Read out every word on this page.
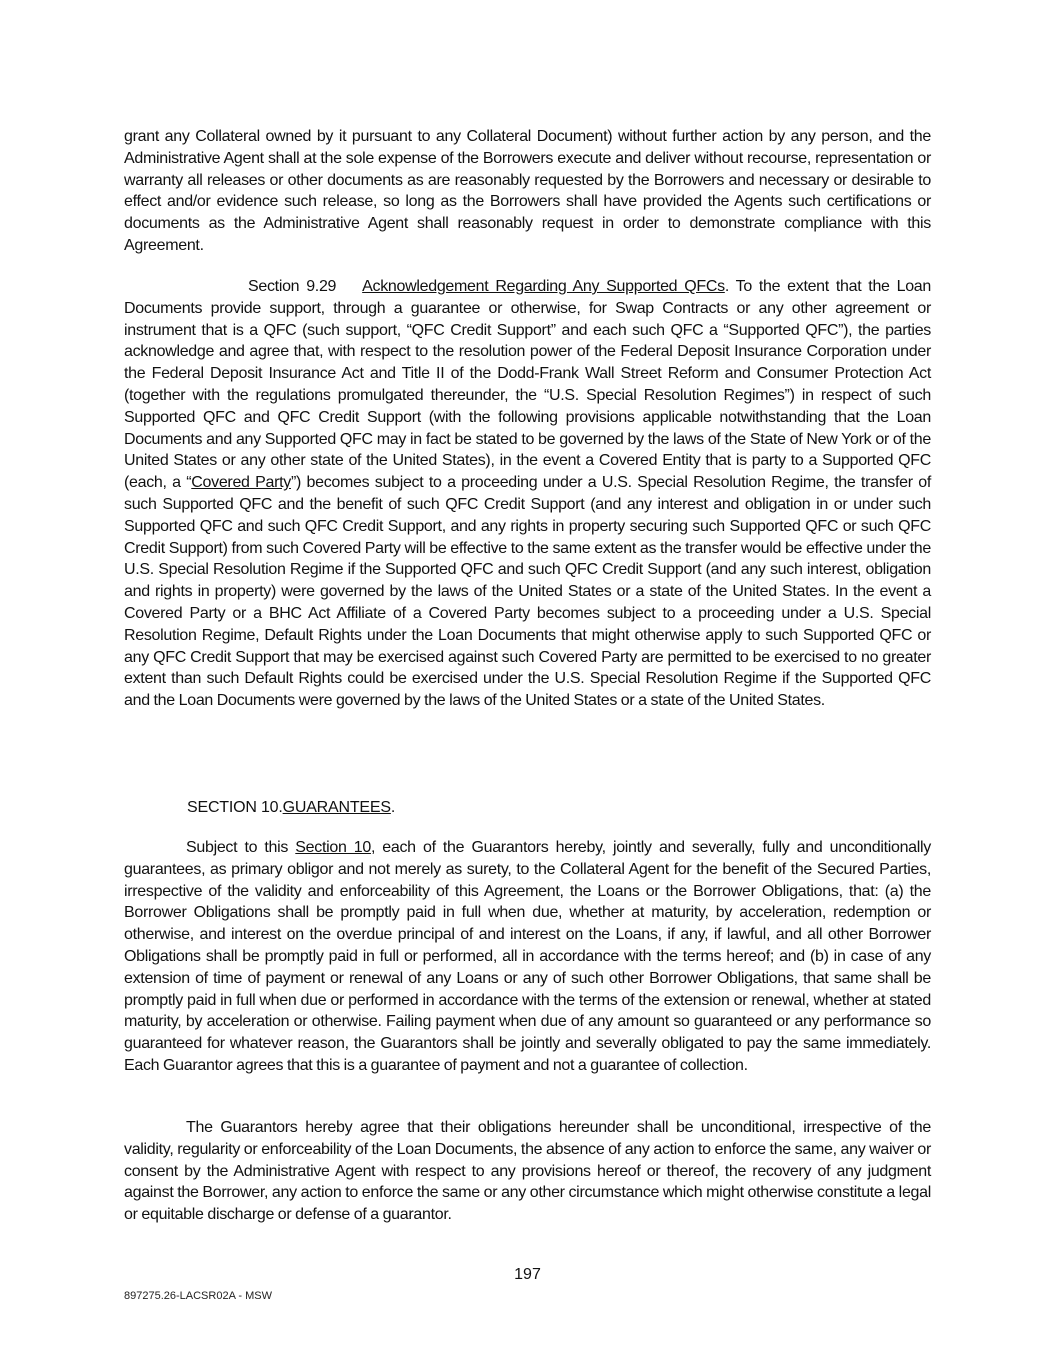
grant any Collateral owned by it pursuant to any Collateral Document) without further action by any person, and the Administrative Agent shall at the sole expense of the Borrowers execute and deliver without recourse, representation or warranty all releases or other documents as are reasonably requested by the Borrowers and necessary or desirable to effect and/or evidence such release, so long as the Borrowers shall have provided the Agents such certifications or documents as the Administrative Agent shall reasonably request in order to demonstrate compliance with this Agreement.
Section 9.29 Acknowledgement Regarding Any Supported QFCs. To the extent that the Loan Documents provide support, through a guarantee or otherwise, for Swap Contracts or any other agreement or instrument that is a QFC (such support, “QFC Credit Support” and each such QFC a “Supported QFC”), the parties acknowledge and agree that, with respect to the resolution power of the Federal Deposit Insurance Corporation under the Federal Deposit Insurance Act and Title II of the Dodd-Frank Wall Street Reform and Consumer Protection Act (together with the regulations promulgated thereunder, the “U.S. Special Resolution Regimes”) in respect of such Supported QFC and QFC Credit Support (with the following provisions applicable notwithstanding that the Loan Documents and any Supported QFC may in fact be stated to be governed by the laws of the State of New York or of the United States or any other state of the United States), in the event a Covered Entity that is party to a Supported QFC (each, a “Covered Party”) becomes subject to a proceeding under a U.S. Special Resolution Regime, the transfer of such Supported QFC and the benefit of such QFC Credit Support (and any interest and obligation in or under such Supported QFC and such QFC Credit Support, and any rights in property securing such Supported QFC or such QFC Credit Support) from such Covered Party will be effective to the same extent as the transfer would be effective under the U.S. Special Resolution Regime if the Supported QFC and such QFC Credit Support (and any such interest, obligation and rights in property) were governed by the laws of the United States or a state of the United States. In the event a Covered Party or a BHC Act Affiliate of a Covered Party becomes subject to a proceeding under a U.S. Special Resolution Regime, Default Rights under the Loan Documents that might otherwise apply to such Supported QFC or any QFC Credit Support that may be exercised against such Covered Party are permitted to be exercised to no greater extent than such Default Rights could be exercised under the U.S. Special Resolution Regime if the Supported QFC and the Loan Documents were governed by the laws of the United States or a state of the United States.
SECTION 10.GUARANTEES.
Subject to this Section 10, each of the Guarantors hereby, jointly and severally, fully and unconditionally guarantees, as primary obligor and not merely as surety, to the Collateral Agent for the benefit of the Secured Parties, irrespective of the validity and enforceability of this Agreement, the Loans or the Borrower Obligations, that: (a) the Borrower Obligations shall be promptly paid in full when due, whether at maturity, by acceleration, redemption or otherwise, and interest on the overdue principal of and interest on the Loans, if any, if lawful, and all other Borrower Obligations shall be promptly paid in full or performed, all in accordance with the terms hereof; and (b) in case of any extension of time of payment or renewal of any Loans or any of such other Borrower Obligations, that same shall be promptly paid in full when due or performed in accordance with the terms of the extension or renewal, whether at stated maturity, by acceleration or otherwise. Failing payment when due of any amount so guaranteed or any performance so guaranteed for whatever reason, the Guarantors shall be jointly and severally obligated to pay the same immediately. Each Guarantor agrees that this is a guarantee of payment and not a guarantee of collection.
The Guarantors hereby agree that their obligations hereunder shall be unconditional, irrespective of the validity, regularity or enforceability of the Loan Documents, the absence of any action to enforce the same, any waiver or consent by the Administrative Agent with respect to any provisions hereof or thereof, the recovery of any judgment against the Borrower, any action to enforce the same or any other circumstance which might otherwise constitute a legal or equitable discharge or defense of a guarantor.
197
897275.26-LACSR02A - MSW
